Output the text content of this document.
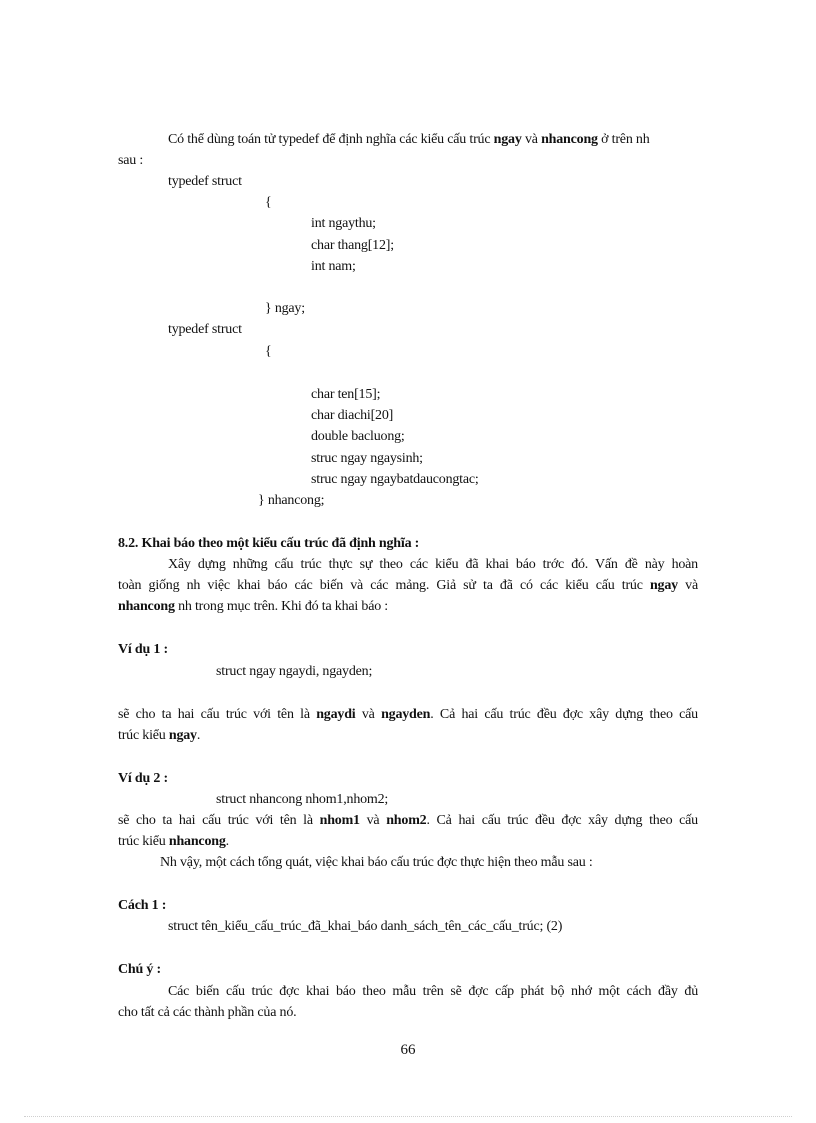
Có thể dùng toán tử typedef để định nghĩa các kiểu cấu trúc ngay và nhancong ở trên nh
sau :
typedef struct
{
int ngaythu;
char thang[12];
int nam;
} ngay;
typedef struct
{
char ten[15];
char diachi[20]
double bacluong;
struc ngay ngaysinh;
struc ngay ngaybatdaucongtac;
} nhancong;
8.2. Khai báo theo một kiểu cấu trúc đã định nghĩa :
Xây dựng những cấu trúc thực sự theo các kiểu đã khai báo trớc đó. Vấn đề này hoàn
toàn giống nh việc khai báo các biến và các mảng. Giả sử ta đã có các kiểu cấu trúc ngay và
nhancong nh trong mục trên. Khi đó ta khai báo :
Ví dụ 1 :
struct ngay ngaydi, ngayden;
sẽ cho ta hai cấu trúc với tên là ngaydi và ngayden. Cả hai cấu trúc đều đợc xây dựng theo cấu
trúc kiểu ngay.
Ví dụ 2 :
struct nhancong nhom1,nhom2;
sẽ cho ta hai cấu trúc với tên là nhom1 và nhom2. Cả hai cấu trúc đều đợc xây dựng theo cấu
trúc kiểu nhancong.
Nh vậy, một cách tổng quát, việc khai báo cấu trúc đợc thực hiện theo mẫu sau :
Cách 1 :
struct tên_kiểu_cấu_trúc_đã_khai_báo danh_sách_tên_các_cấu_trúc; (2)
Chú ý :
Các biến cấu trúc đợc khai báo theo mẫu trên sẽ đợc cấp phát bộ nhớ một cách đầy đủ
cho tất cả các thành phần của nó.
66
